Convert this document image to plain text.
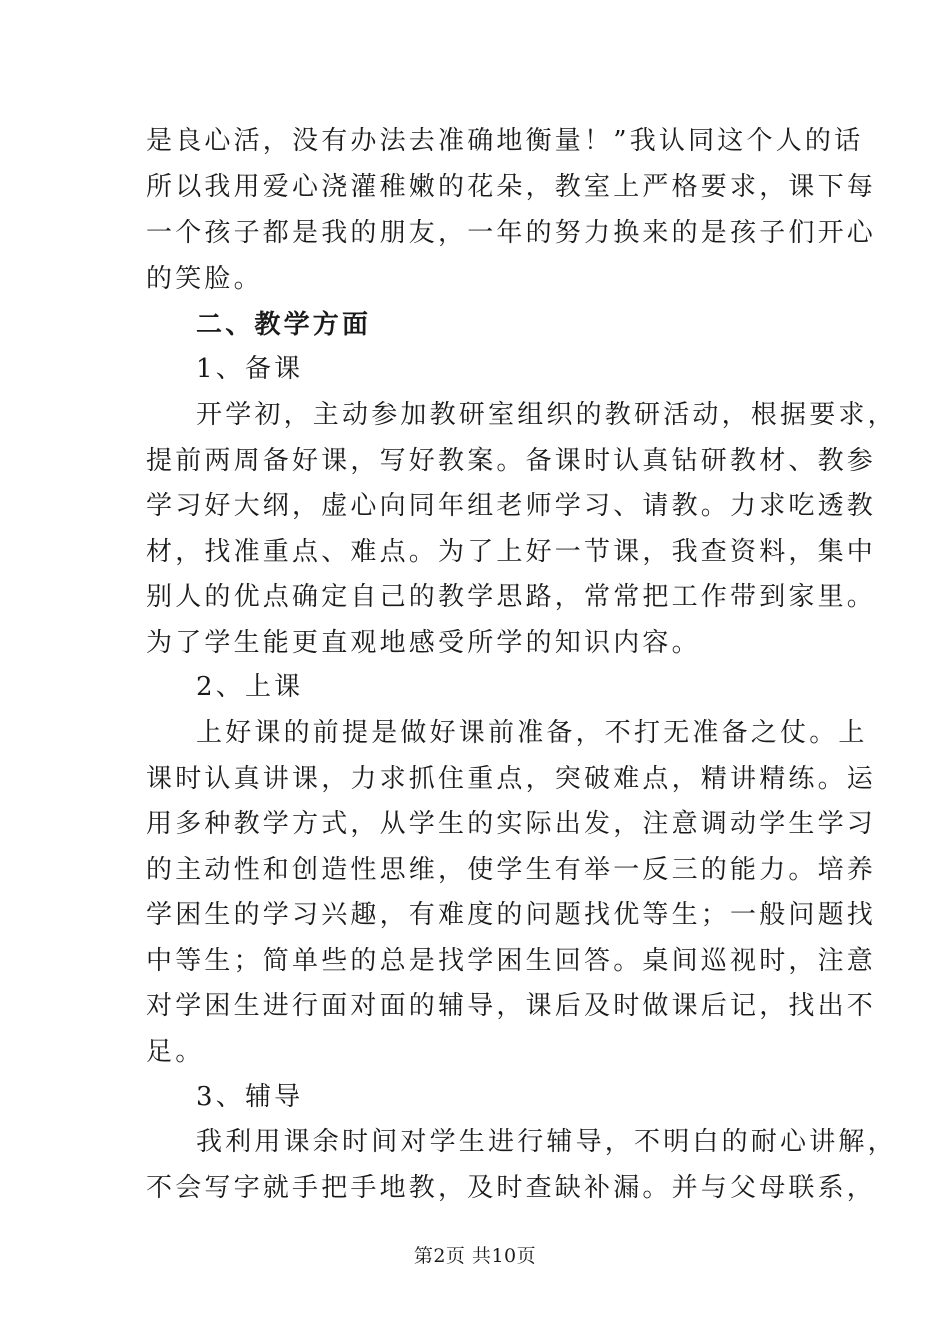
是良心活，没有办法去准确地衡量！”我认同这个人的话
所以我用爱心浇灌稚嫩的花朵，教室上严格要求，课下每
一个孩子都是我的朋友，一年的努力换来的是孩子们开心
的笑脸。
二、教学方面
1、备课
开学初，主动参加教研室组织的教研活动，根据要求，
提前两周备好课，写好教案。备课时认真钻研教材、教参
学习好大纲，虚心向同年组老师学习、请教。力求吃透教
材，找准重点、难点。为了上好一节课，我查资料，集中
别人的优点确定自己的教学思路，常常把工作带到家里。
为了学生能更直观地感受所学的知识内容。
2、上课
上好课的前提是做好课前准备，不打无准备之仗。上
课时认真讲课，力求抓住重点，突破难点，精讲精练。运
用多种教学方式，从学生的实际出发，注意调动学生学习
的主动性和创造性思维，使学生有举一反三的能力。培养
学困生的学习兴趣，有难度的问题找优等生；一般问题找
中等生；简单些的总是找学困生回答。桌间巡视时，注意
对学困生进行面对面的辅导，课后及时做课后记，找出不
足。
3、辅导
我利用课余时间对学生进行辅导，不明白的耐心讲解，
不会写字就手把手地教，及时查缺补漏。并与父母联系，
第2页 共10页
